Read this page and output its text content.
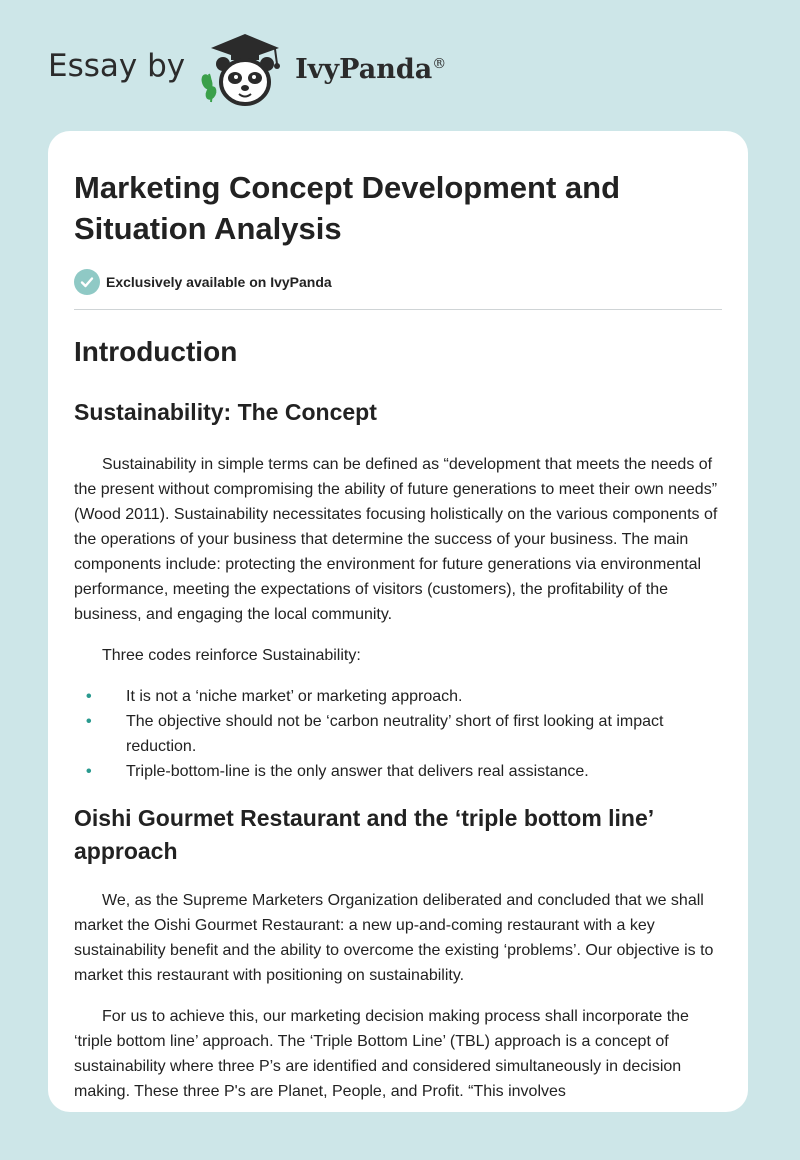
Essay by	IvyPanda®
Marketing Concept Development and Situation Analysis
Exclusively available on IvyPanda
Introduction
Sustainability: The Concept

Sustainability in simple terms can be defined as “development that meets the needs of the present without compromising the ability of future generations to meet their own needs” (Wood 2011). Sustainability necessitates focusing holistically on the various components of the operations of your business that determine the success of your business. The main components include: protecting the environment for future generations via environmental performance, meeting the expectations of visitors (customers), the profitability of the business, and engaging the local community.

Three codes reinforce Sustainability:

• It is not a ‘niche market’ or marketing approach.
• The objective should not be ‘carbon neutrality’ short of first looking at impact reduction.
• Triple-bottom-line is the only answer that delivers real assistance.
Oishi Gourmet Restaurant and the ‘triple bottom line’ approach

We, as the Supreme Marketers Organization deliberated and concluded that we shall market the Oishi Gourmet Restaurant: a new up-and-coming restaurant with a key sustainability benefit and the ability to overcome the existing ‘problems’. Our objective is to market this restaurant with positioning on sustainability.

For us to achieve this, our marketing decision making process shall incorporate the ‘triple bottom line’ approach. The ‘Triple Bottom Line’ (TBL) approach is a concept of sustainability where three P’s are identified and considered simultaneously in decision making. These three P's are Planet, People, and Profit. “This involves
